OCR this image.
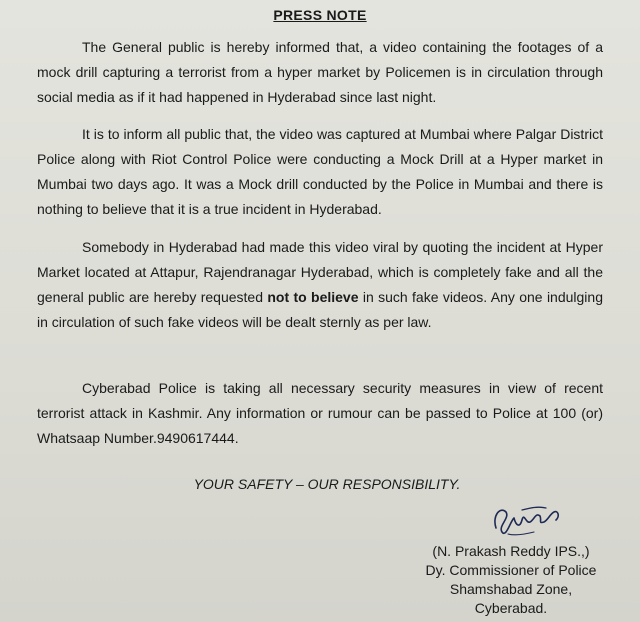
PRESS NOTE

The General public is hereby informed that, a video containing the footages of a mock drill capturing a terrorist from a hyper market by Policemen is in circulation through social media as if it had happened in Hyderabad since last night.

It is to inform all public that, the video was captured at Mumbai where Palgar District Police along with Riot Control Police were conducting a Mock Drill at a Hyper market in Mumbai two days ago. It was a Mock drill conducted by the Police in Mumbai and there is nothing to believe that it is a true incident in Hyderabad.

Somebody in Hyderabad had made this video viral by quoting the incident at Hyper Market located at Attapur, Rajendranagar Hyderabad, which is completely fake and all the general public are hereby requested not to believe in such fake videos. Any one indulging in circulation of such fake videos will be dealt sternly as per law.

Cyberabad Police is taking all necessary security measures in view of recent terrorist attack in Kashmir. Any information or rumour can be passed to Police at 100 (or) Whatsaap Number.9490617444.

YOUR SAFETY – OUR RESPONSIBILITY.
(N. Prakash Reddy IPS.,)
Dy. Commissioner of Police
Shamshabad Zone,
Cyberabad.
